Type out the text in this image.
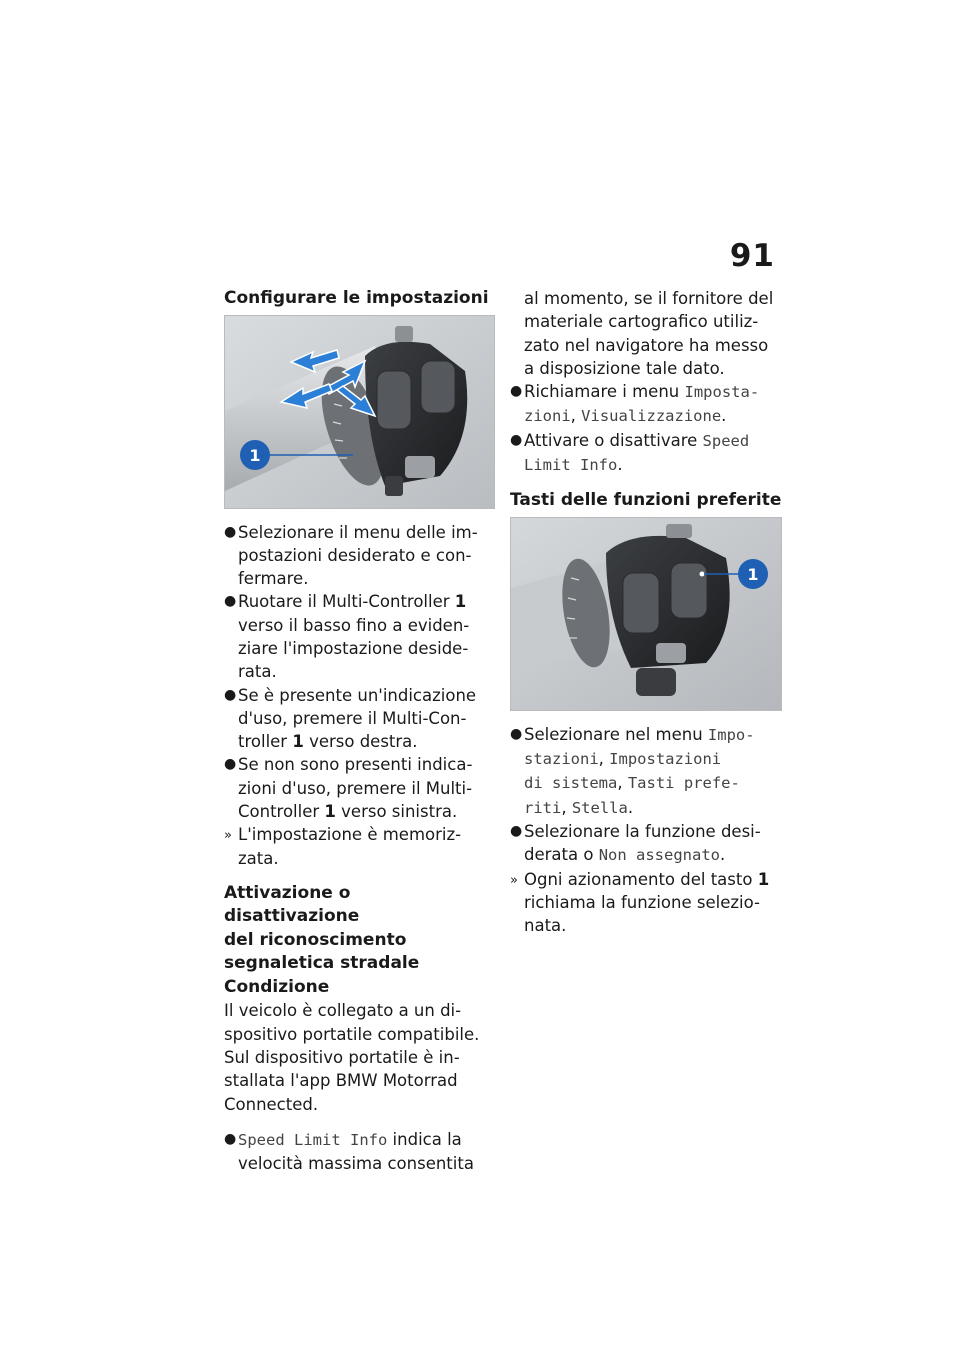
91
Configurare le impostazioni
1
● Selezionare il menu delle im-
postazioni desiderato e con-
fermare.
● Ruotare il Multi-Controller 1
verso il basso fino a eviden-
ziare l'impostazione deside-
rata.
● Se è presente un'indicazione
d'uso, premere il Multi-Con-
troller 1 verso destra.
● Se non sono presenti indica-
zioni d'uso, premere il Multi-
Controller 1 verso sinistra.
» L'impostazione è memoriz-
zata.
Attivazione o disattivazione
del riconoscimento
segnaletica stradale
Condizione

Il veicolo è collegato a un di-
spositivo portatile compatibile.
Sul dispositivo portatile è in-
stallata l'app BMW Motorrad
Connected.

● Speed Limit Info indica la
velocità massima consentita
al momento, se il fornitore del
materiale cartografico utiliz-
zato nel navigatore ha messo
a disposizione tale dato.
● Richiamare i menu Imposta-
zioni, Visualizzazione.
● Attivare o disattivare Speed
Limit Info.
Tasti delle funzioni preferite
1
● Selezionare nel menu Impo-
stazioni, Impostazioni
di sistema, Tasti prefe-
riti, Stella.
● Selezionare la funzione desi-
derata o Non assegnato.
» Ogni azionamento del tasto 1
richiama la funzione selezio-
nata.
